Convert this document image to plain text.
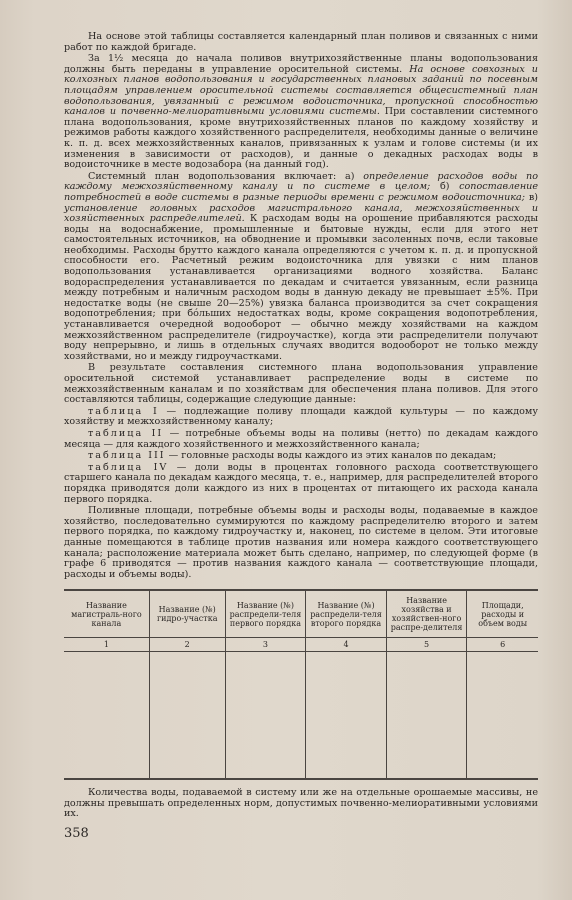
На основе этой таблицы составляется календарный план поливов и связанных с ними работ по каждой бригаде.

За 1½ месяца до начала поливов внутрихозяйственные планы водопользования должны быть переданы в управление оросительной системы. На основе совхозных и колхозных планов водопользования и государственных плановых заданий по посевным площадям управлением оросительной системы составляется общесистемный план водопользования, увязанный с режимом водоисточника, пропускной способностью каналов и почвенно-мелиоративными условиями системы. При составлении системного плана водопользования, кроме внутрихозяйственных планов по каждому хозяйству и режимов работы каждого хозяйственного распределителя, необходимы данные о величине к. п. д. всех межхозяйственных каналов, привязанных к узлам и голове системы (и их изменения в зависимости от расходов), и данные о декадных расходах воды в водоисточнике в месте водозабора (на данный год).

Системный план водопользования включает: а) определение расходов воды по каждому межхозяйственному каналу и по системе в целом; б) сопоставление потребностей в воде системы в разные периоды времени с режимом водоисточника; в) установление головных расходов магистрального канала, межхозяйственных и хозяйственных распределителей. К расходам воды на орошение прибавляются расходы воды на водоснабжение, промышленные и бытовые нужды, если для этого нет самостоятельных источников, на обводнение и промывки засоленных почв, если таковые необходимы. Расходы брутто каждого канала определяются с учетом к. п. д. и пропускной способности его. Расчетный режим водоисточника для увязки с ним планов водопользования устанавливается организациями водного хозяйства. Баланс водораспределения устанавливается по декадам и считается увязанным, если разница между потребным и наличным расходом воды в данную декаду не превышает ±5%. При недостатке воды (не свыше 20—25%) увязка баланса производится за счет сокращения водопотребления; при бо́льших недостатках воды, кроме сокращения водопотребления, устанавливается очередной водооборот — обычно между хозяйствами на каждом межхозяйственном распределителе (гидроучастке), когда эти распределители получают воду непрерывно, и лишь в отдельных случаях вводится водооборот не только между хозяйствами, но и между гидроучастками.

В результате составления системного плана водопользования управление оросительной системой устанавливает распределение воды в системе по межхозяйственным каналам и по хозяйствам для обеспечения плана поливов. Для этого составляются таблицы, содержащие следующие данные:

таблица I — подлежащие поливу площади каждой культуры — по каждому хозяйству и межхозяйственному каналу;

таблица II — потребные объемы воды на поливы (нетто) по декадам каждого месяца — для каждого хозяйственного и межхозяйственного канала;

таблица III — головные расходы воды каждого из этих каналов по декадам;

таблица IV — доли воды в процентах головного расхода соответствующего старшего канала по декадам каждого месяца, т. е., например, для распределителей второго порядка приводятся доли каждого из них в процентах от питающего их расхода канала первого порядка.

Поливные площади, потребные объемы воды и расходы воды, подаваемые в каждое хозяйство, последовательно суммируются по каждому распределителю второго и затем первого порядка, по каждому гидроучастку и, наконец, по системе в целом. Эти итоговые данные помещаются в таблице против названия или номера каждого соответствующего канала; расположение материала может быть сделано, например, по следующей форме (в графе 6 приводятся — против названия каждого канала — соответствующие площади, расходы и объемы воды).

Название магистраль-ного канала	Название (№) гидро-участка	Название (№) распредели-теля первого порядка	Название (№) распредели-теля второго порядка	Название хозяйства и хозяйствен-ного распре-делителя	Площади, расходы и объем воды
1	2	3	4	5	6

Количества воды, подаваемой в систему или же на отдельные орошаемые массивы, не должны превышать определенных норм, допустимых почвенно-мелиоративными условиями их.

358
